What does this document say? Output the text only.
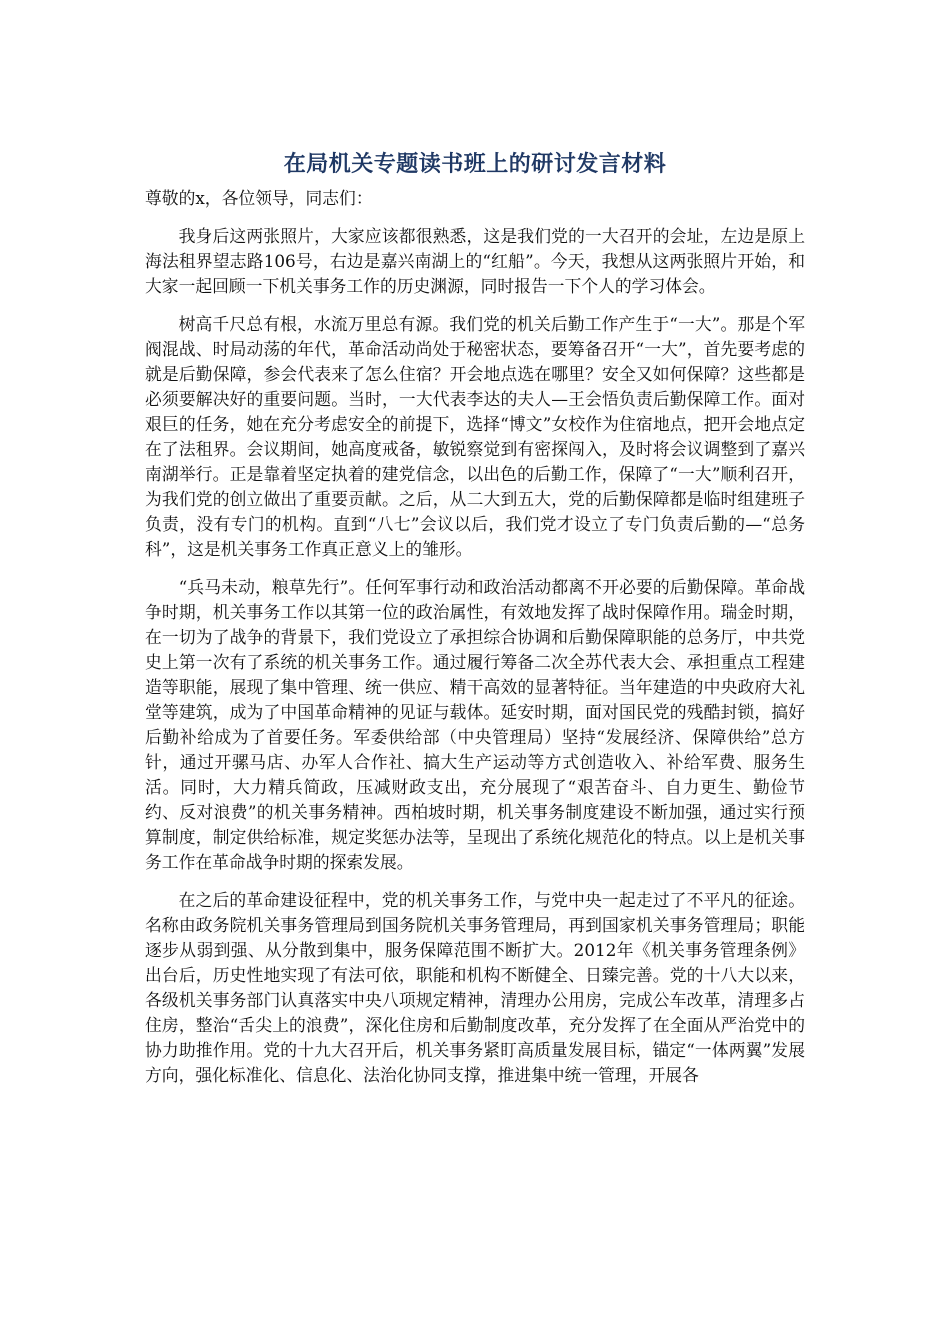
在局机关专题读书班上的研讨发言材料

尊敬的x，各位领导，同志们：

我身后这两张照片，大家应该都很熟悉，这是我们党的一大召开的会址，左边是原上海法租界望志路106号，右边是嘉兴南湖上的“红船”。今天，我想从这两张照片开始，和大家一起回顾一下机关事务工作的历史渊源，同时报告一下个人的学习体会。

树高千尺总有根，水流万里总有源。我们党的机关后勤工作产生于“一大”。那是个军阀混战、时局动荡的年代，革命活动尚处于秘密状态，要筹备召开“一大”，首先要考虑的就是后勤保障，参会代表来了怎么住宿？开会地点选在哪里？安全又如何保障？这些都是必须要解决好的重要问题。当时，一大代表李达的夫人—王会悟负责后勤保障工作。面对艰巨的任务，她在充分考虑安全的前提下，选择“博文”女校作为住宿地点，把开会地点定在了法租界。会议期间，她高度戒备，敏锐察觉到有密探闯入，及时将会议调整到了嘉兴南湖举行。正是靠着坚定执着的建党信念，以出色的后勤工作，保障了“一大”顺利召开，为我们党的创立做出了重要贡献。之后，从二大到五大，党的后勤保障都是临时组建班子负责，没有专门的机构。直到“八七”会议以后，我们党才设立了专门负责后勤的—“总务科”，这是机关事务工作真正意义上的雏形。

“兵马未动，粮草先行”。任何军事行动和政治活动都离不开必要的后勤保障。革命战争时期，机关事务工作以其第一位的政治属性，有效地发挥了战时保障作用。瑞金时期，在一切为了战争的背景下，我们党设立了承担综合协调和后勤保障职能的总务厅，中共党史上第一次有了系统的机关事务工作。通过履行筹备二次全苏代表大会、承担重点工程建造等职能，展现了集中管理、统一供应、精干高效的显著特征。当年建造的中央政府大礼堂等建筑，成为了中国革命精神的见证与载体。延安时期，面对国民党的残酷封锁，搞好后勤补给成为了首要任务。军委供给部（中央管理局）坚持“发展经济、保障供给”总方针，通过开骡马店、办军人合作社、搞大生产运动等方式创造收入、补给军费、服务生活。同时，大力精兵简政，压减财政支出，充分展现了“艰苦奋斗、自力更生、勤俭节约、反对浪费”的机关事务精神。西柏坡时期，机关事务制度建设不断加强，通过实行预算制度，制定供给标准，规定奖惩办法等，呈现出了系统化规范化的特点。以上是机关事务工作在革命战争时期的探索发展。

在之后的革命建设征程中，党的机关事务工作，与党中央一起走过了不平凡的征途。名称由政务院机关事务管理局到国务院机关事务管理局，再到国家机关事务管理局；职能逐步从弱到强、从分散到集中，服务保障范围不断扩大。2012年《机关事务管理条例》出台后，历史性地实现了有法可依，职能和机构不断健全、日臻完善。党的十八大以来，各级机关事务部门认真落实中央八项规定精神，清理办公用房，完成公车改革，清理多占住房，整治“舌尖上的浪费”，深化住房和后勤制度改革，充分发挥了在全面从严治党中的协力助推作用。党的十九大召开后，机关事务紧盯高质量发展目标，锚定“一体两翼”发展方向，强化标准化、信息化、法治化协同支撑，推进集中统一管理，开展各
